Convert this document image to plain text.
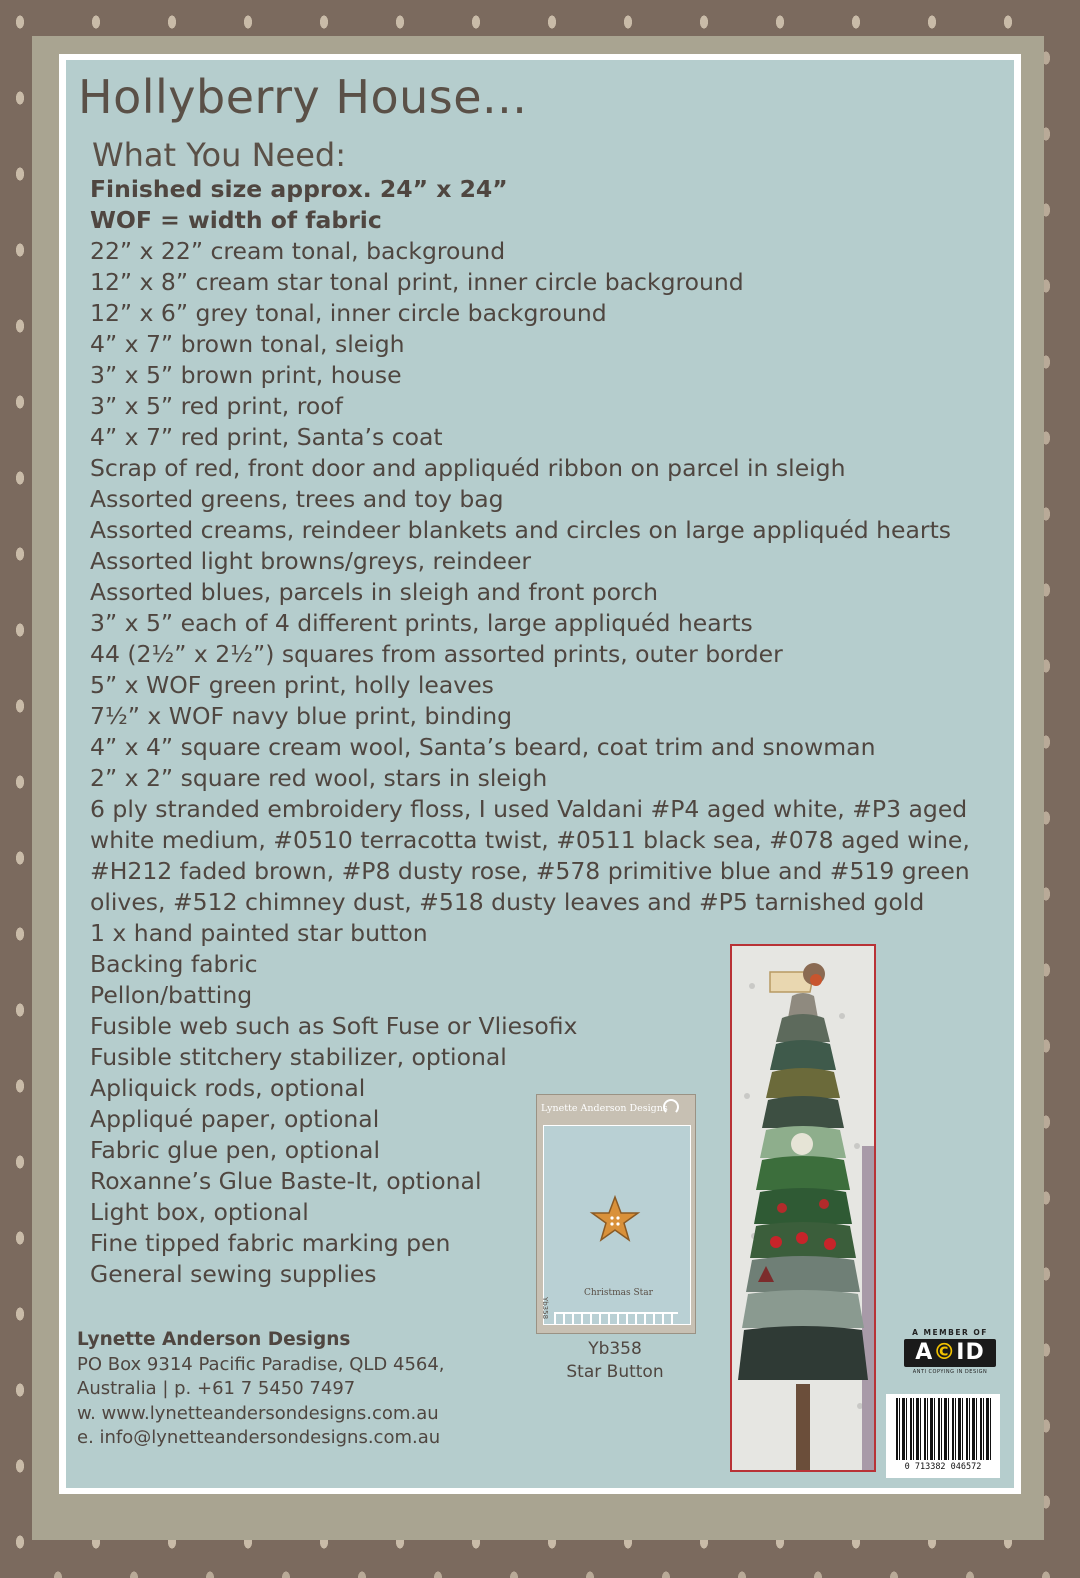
Hollyberry House...
What You Need:
Finished size approx. 24” x 24”
WOF = width of fabric
22” x 22” cream tonal, background
12” x 8” cream star tonal print, inner circle background
12” x 6” grey tonal, inner circle background
4” x 7” brown tonal, sleigh
3” x 5” brown print, house
3” x 5” red print, roof
4” x 7” red print, Santa’s coat
Scrap of red, front door and appliquéd ribbon on parcel in sleigh
Assorted greens, trees and toy bag
Assorted creams, reindeer blankets and circles on large appliquéd hearts
Assorted light browns/greys, reindeer
Assorted blues, parcels in sleigh and front porch
3” x 5” each of 4 different prints, large appliquéd hearts
44 (2½” x 2½”) squares from assorted prints, outer border
5” x WOF green print, holly leaves
7½” x WOF navy blue print, binding
4” x 4” square cream wool, Santa’s beard, coat trim and snowman
2” x 2” square red wool, stars in sleigh
6 ply stranded embroidery floss, I used Valdani #P4 aged white, #P3 aged white medium, #0510 terracotta twist, #0511 black sea, #078 aged wine, #H212 faded brown, #P8 dusty rose, #578 primitive blue and #519 green olives, #512 chimney dust, #518 dusty leaves and #P5 tarnished gold
1 x hand painted star button
Backing fabric
Pellon/batting
Fusible web such as Soft Fuse or Vliesofix
Fusible stitchery stabilizer, optional
Apliquick rods, optional
Appliqué paper, optional
Fabric glue pen, optional
Roxanne’s Glue Baste-It, optional
Light box, optional
Fine tipped fabric marking pen
General sewing supplies
Lynette Anderson Designs
Christmas Star
Yb358
Yb358
Star Button
Lynette Anderson Designs
PO Box 9314 Pacific Paradise, QLD 4564,
Australia | p. +61 7 5450 7497
w. www.lynetteandersondesigns.com.au
e. info@lynetteandersondesigns.com.au
A MEMBER OF
A©ID
ANTI COPYING IN DESIGN
0 713382 046572
